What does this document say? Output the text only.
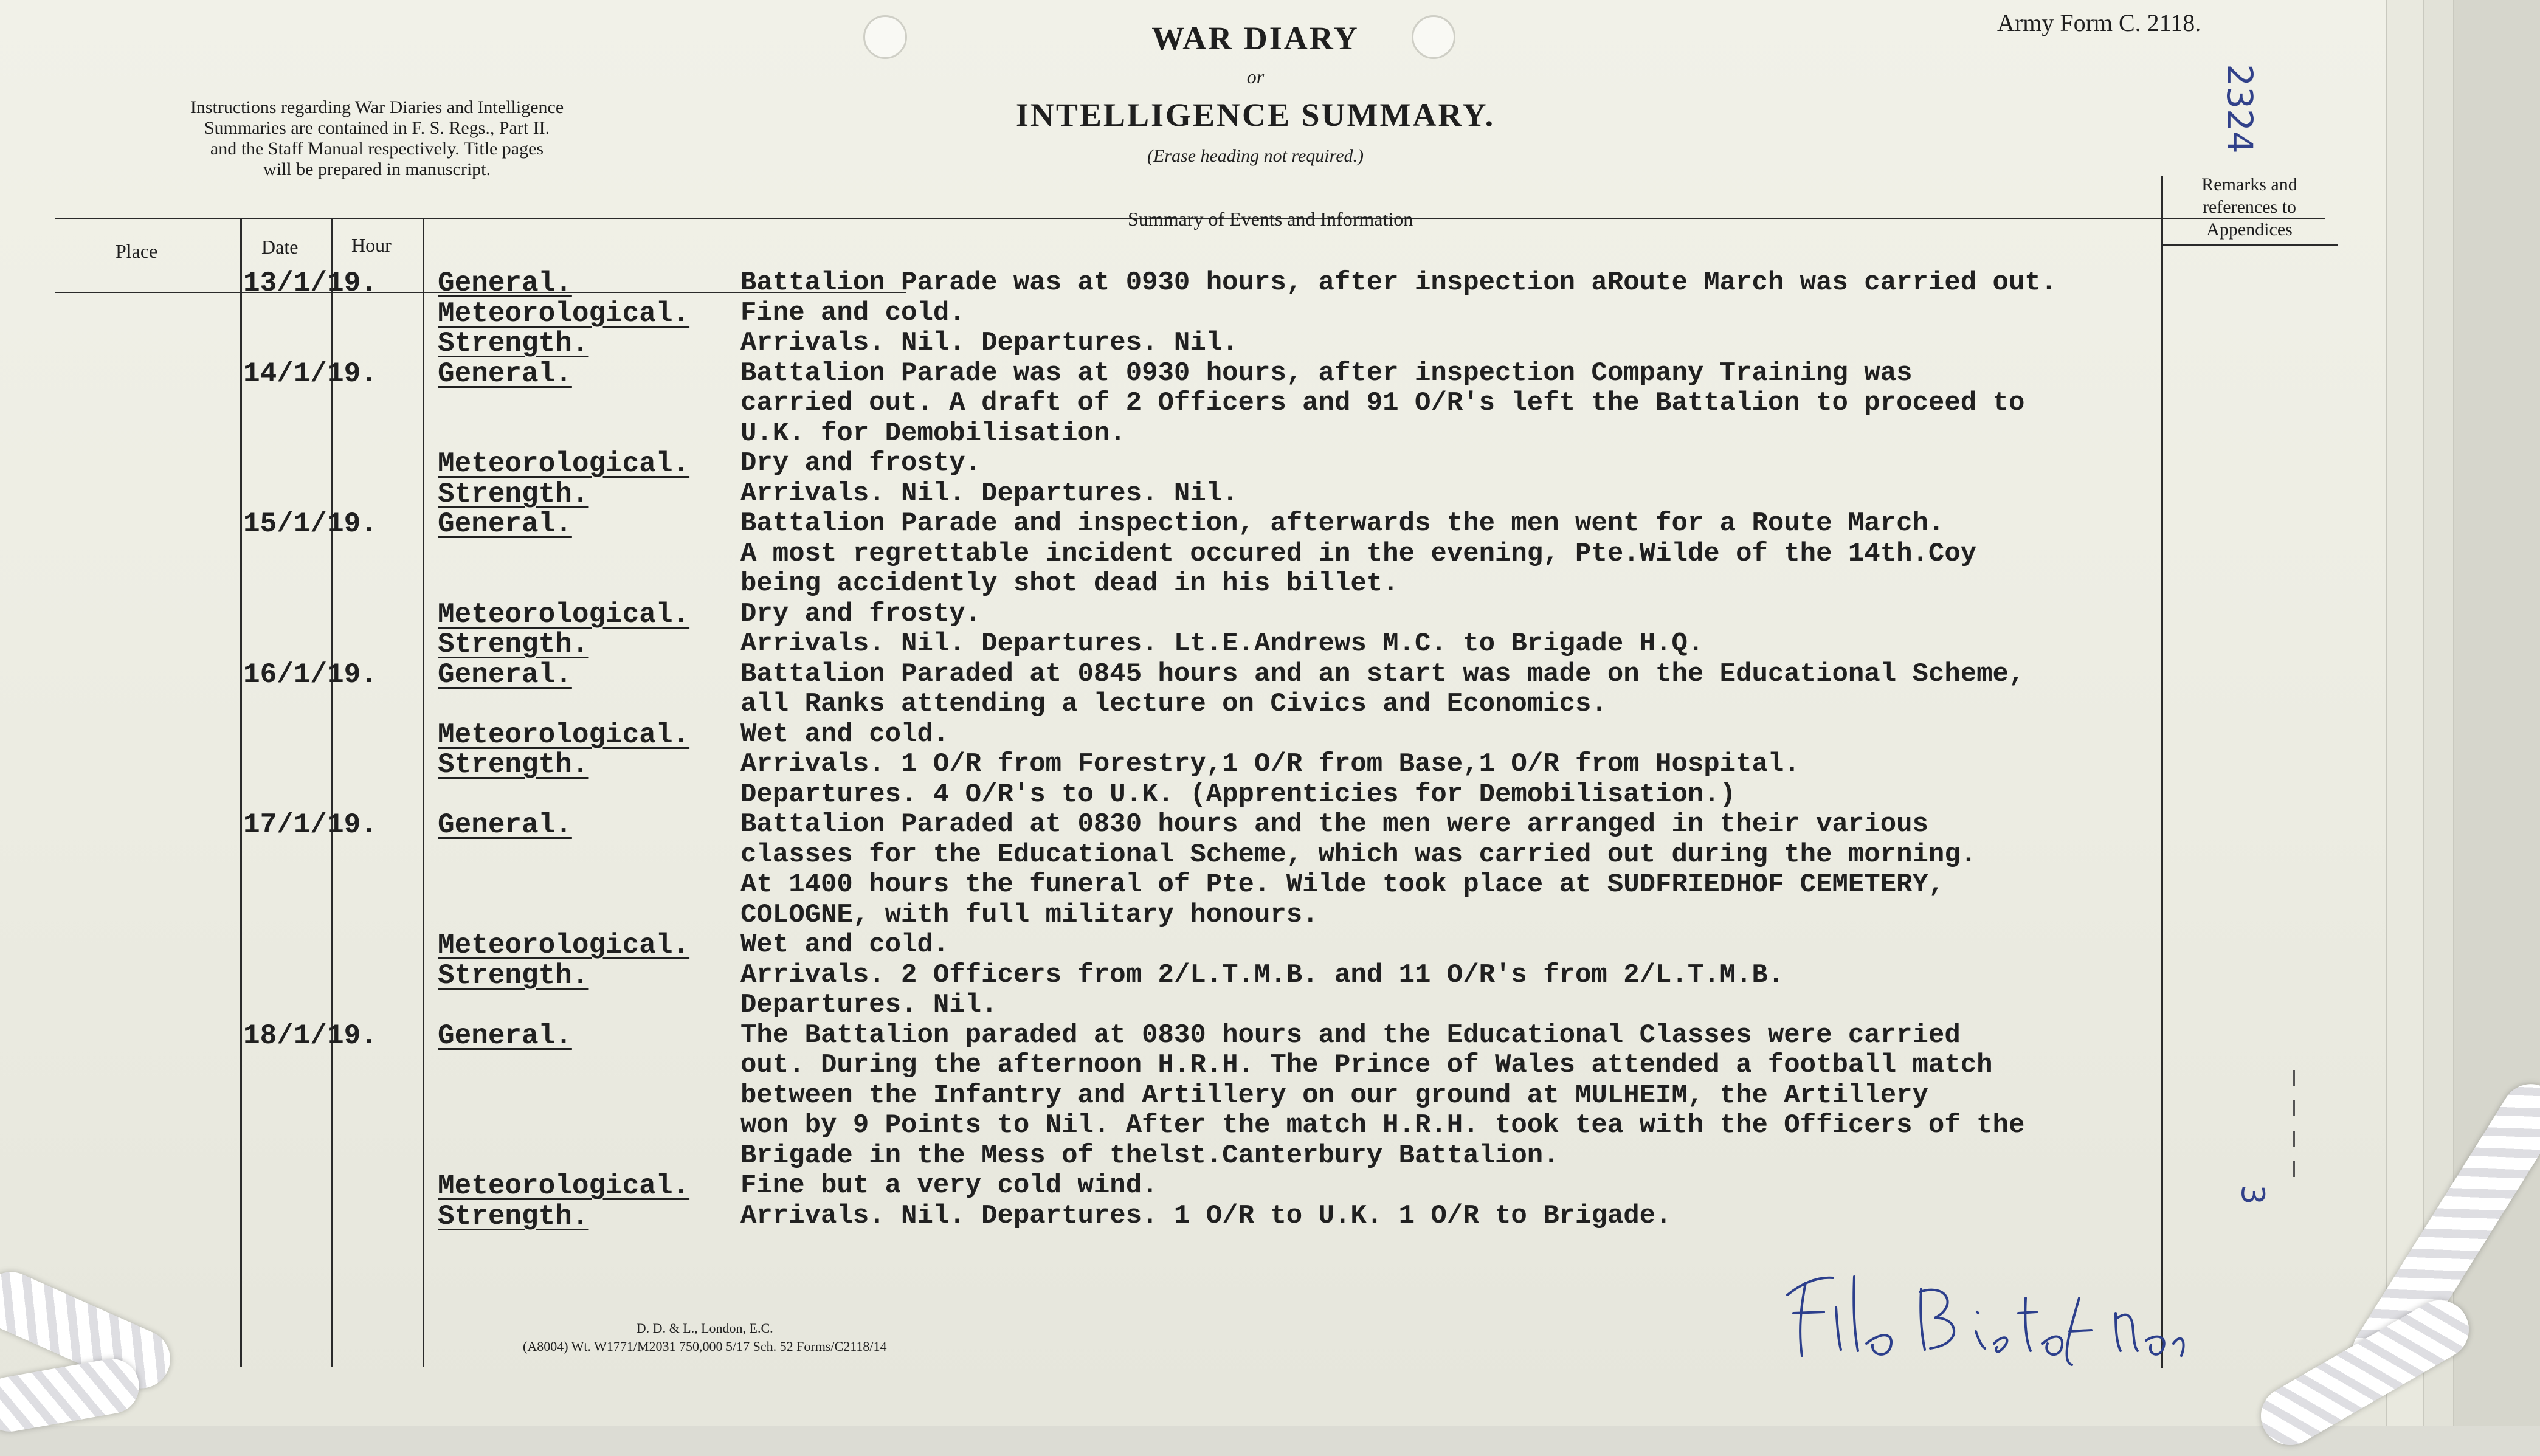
Instructions regarding War Diaries and Intelligence
Summaries are contained in F. S. Regs., Part II.
and the Staff Manual respectively. Title pages
will be prepared in manuscript.
WAR DIARY
or
INTELLIGENCE SUMMARY.
(Erase heading not required.)
Army Form C. 2118.
2324
Place	Date	Hour
Summary of Events and Information
Remarks and
references to
Appendices
13/1/19. General.	Battalion Parade was at 0930 hours, after inspection aRoute March was carried out.
Meteorological. Fine and cold.
Strength.	Arrivals. Nil. Departures. Nil.
14/1/19. General.	Battalion Parade was at 0930 hours, after inspection Company Training was
carried out. A draft of 2 Officers and 91 O/R's left the Battalion to proceed to
U.K. for Demobilisation.
Meteorological. Dry and frosty.
Strength.	Arrivals. Nil. Departures. Nil.
15/1/19. General.	Battalion Parade and inspection, afterwards the men went for a Route March.
A most regrettable incident occured in the evening, Pte.Wilde of the 14th.Coy
being accidently shot dead in his billet.
Meteorological. Dry and frosty.
Strength.	Arrivals. Nil. Departures. Lt.E.Andrews M.C. to Brigade H.Q.
16/1/19. General.	Battalion Paraded at 0845 hours and an start was made on the Educational Scheme,
all Ranks attending a lecture on Civics and Economics.
Meteorological. Wet and cold.
Strength.	Arrivals. 1 O/R from Forestry,1 O/R from Base,1 O/R from Hospital.
Departures. 4 O/R's to U.K. (Apprenticies for Demobilisation.)
17/1/19. General.	Battalion Paraded at 0830 hours and the men were arranged in their various
classes for the Educational Scheme, which was carried out during the morning.
At 1400 hours the funeral of Pte. Wilde took place at SUDFRIEDHOF CEMETERY,
COLOGNE, with full military honours.
Meteorological. Wet and cold.
Strength.	Arrivals. 2 Officers from 2/L.T.M.B. and 11 O/R's from 2/L.T.M.B.
Departures. Nil.
18/1/19. General.	The Battalion paraded at 0830 hours and the Educational Classes were carried
out. During the afternoon H.R.H. The Prince of Wales attended a football match
between the Infantry and Artillery on our ground at MULHEIM, the Artillery
won by 9 Points to Nil. After the match H.R.H. took tea with the Officers of the
Brigade in the Mess of thelst.Canterbury Battalion.
Meteorological. Fine but a very cold wind.
Strength.	Arrivals. Nil. Departures. 1 O/R to U.K. 1 O/R to Brigade.
3
D. D. & L., London, E.C.
(A8004) Wt. W1771/M2031 750,000 5/17 Sch. 52 Forms/C2118/14
